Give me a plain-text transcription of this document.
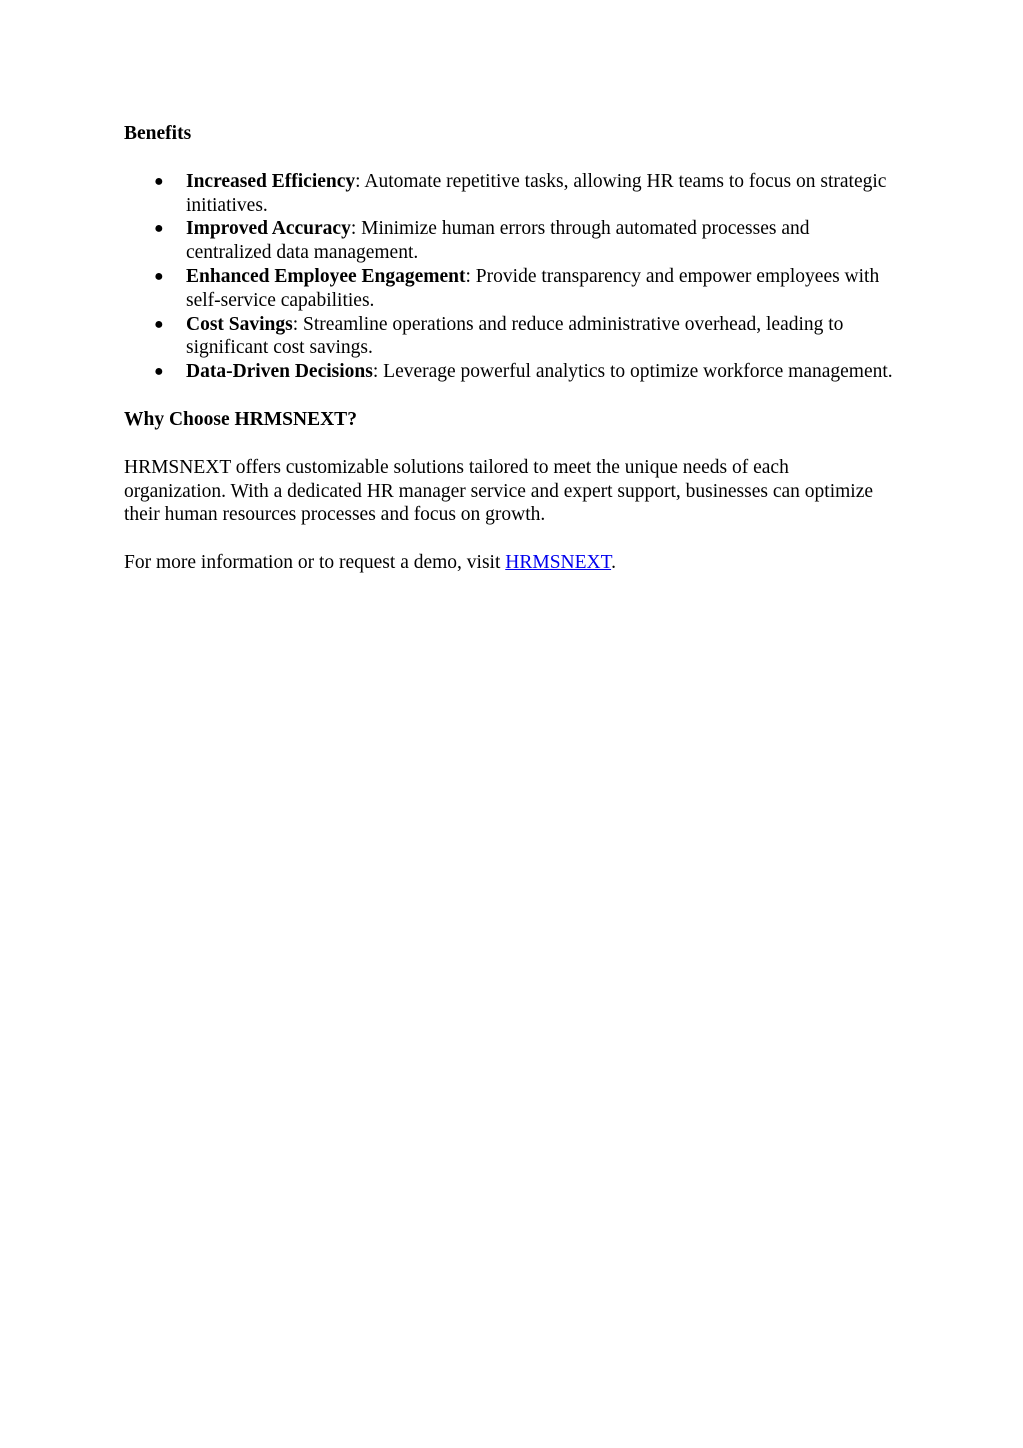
Benefits

● Increased Efficiency: Automate repetitive tasks, allowing HR teams to focus on strategic initiatives.
● Improved Accuracy: Minimize human errors through automated processes and centralized data management.
● Enhanced Employee Engagement: Provide transparency and empower employees with self-service capabilities.
● Cost Savings: Streamline operations and reduce administrative overhead, leading to significant cost savings.
● Data-Driven Decisions: Leverage powerful analytics to optimize workforce management.

Why Choose HRMSNEXT?

HRMSNEXT offers customizable solutions tailored to meet the unique needs of each organization. With a dedicated HR manager service and expert support, businesses can optimize their human resources processes and focus on growth.

For more information or to request a demo, visit HRMSNEXT.
